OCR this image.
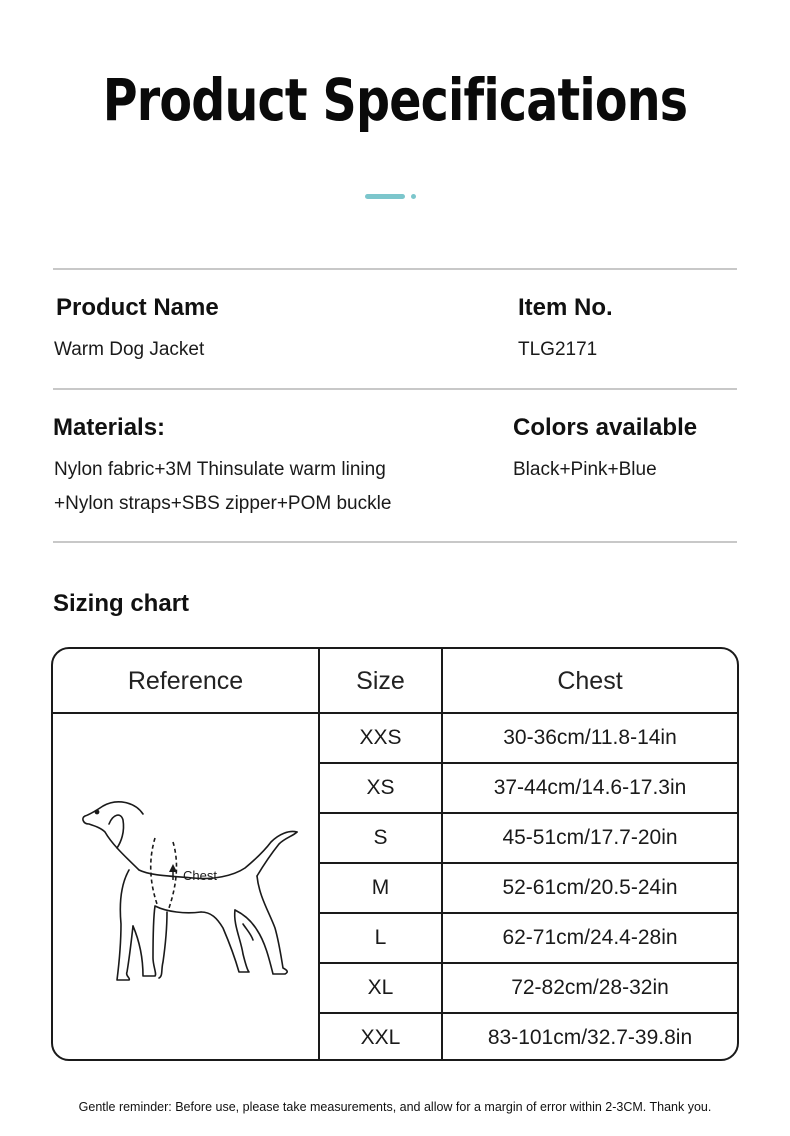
Product Specifications
Product Name
Warm Dog Jacket
Item No.
TLG2171
Materials:
Nylon fabric+3M Thinsulate warm lining
+Nylon straps+SBS zipper+POM buckle
Colors available
Black+Pink+Blue
Sizing chart
Reference	Size	Chest
XXS	30-36cm/11.8-14in
XS	37-44cm/14.6-17.3in
S	45-51cm/17.7-20in
M	52-61cm/20.5-24in
L	62-71cm/24.4-28in
XL	72-82cm/28-32in
XXL	83-101cm/32.7-39.8in
Chest
Gentle reminder: Before use, please take measurements, and allow for a margin of error within 2-3CM. Thank you.
